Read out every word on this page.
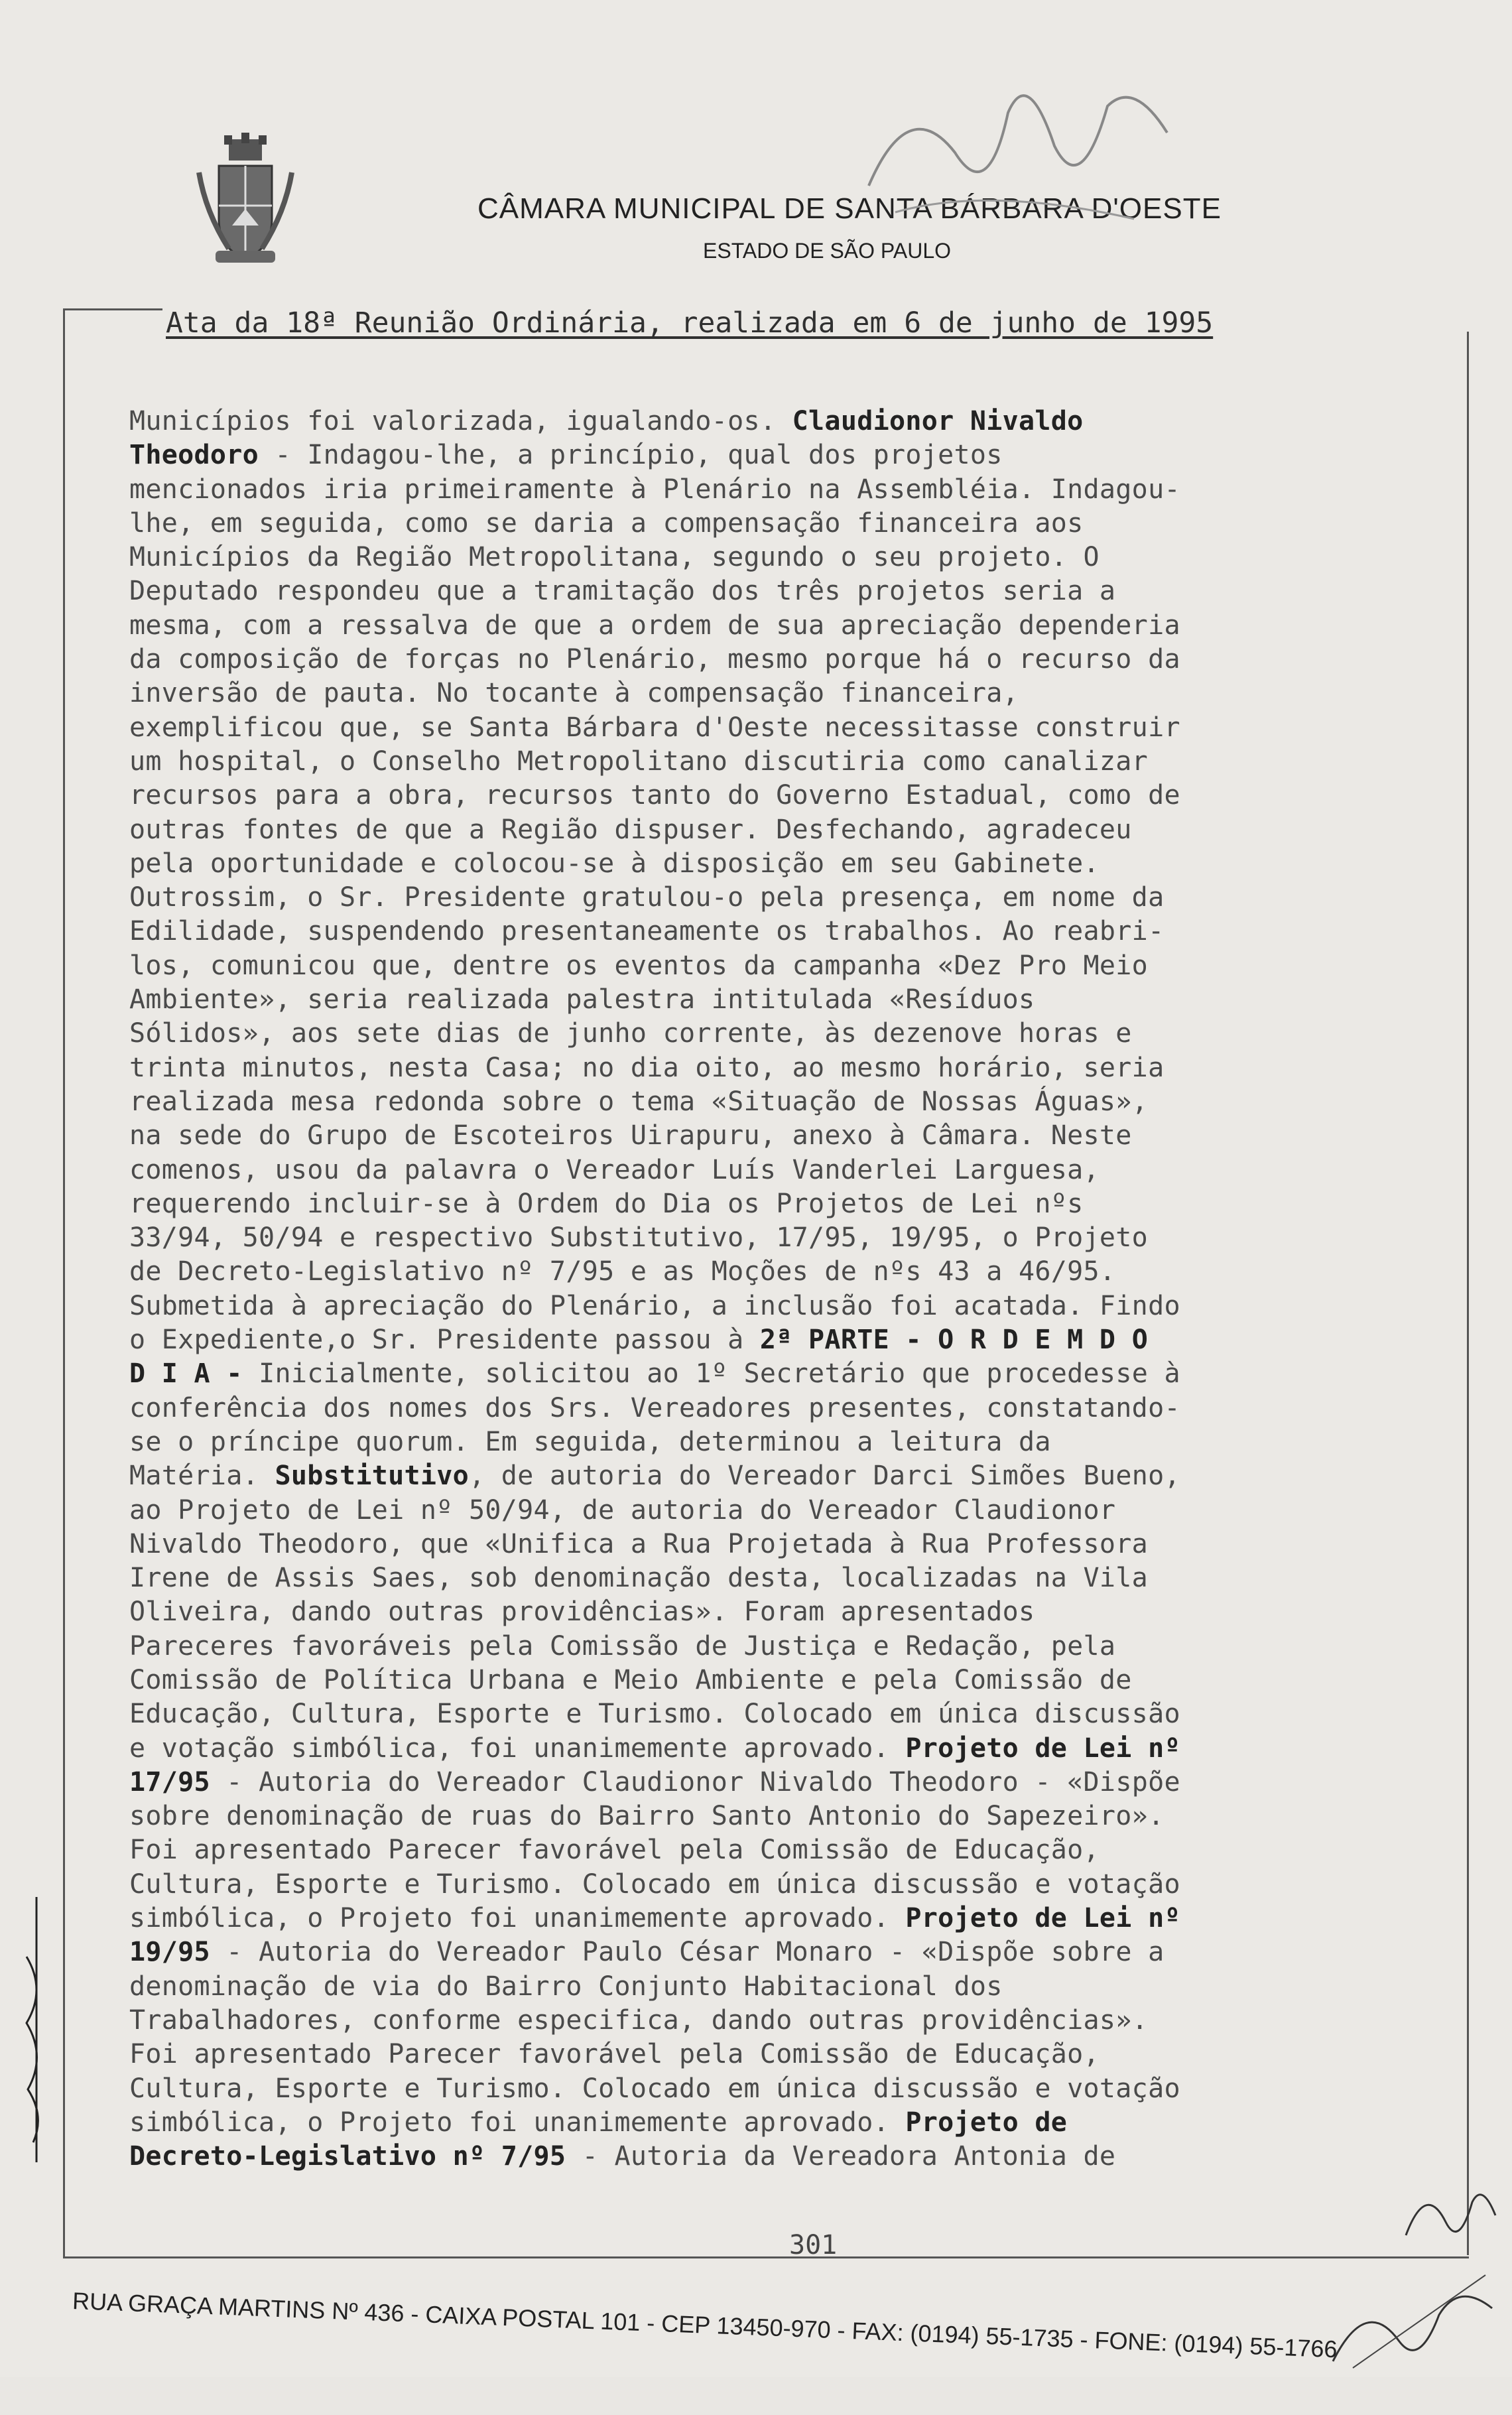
CÂMARA MUNICIPAL DE SANTA BÁRBARA D'OESTE
ESTADO DE SÃO PAULO
Ata da 18ª Reunião Ordinária, realizada em 6 de junho de 1995
Municípios foi valorizada, igualando-os. Claudionor Nivaldo
Theodoro - Indagou-lhe, a princípio, qual dos projetos
mencionados iria primeiramente à Plenário na Assembléia. Indagou-
lhe, em seguida, como se daria a compensação financeira aos
Municípios da Região Metropolitana, segundo o seu projeto. O
Deputado respondeu que a tramitação dos três projetos seria a
mesma, com a ressalva de que a ordem de sua apreciação dependeria
da composição de forças no Plenário, mesmo porque há o recurso da
inversão de pauta. No tocante à compensação financeira,
exemplificou que, se Santa Bárbara d'Oeste necessitasse construir
um hospital, o Conselho Metropolitano discutiria como canalizar
recursos para a obra, recursos tanto do Governo Estadual, como de
outras fontes de que a Região dispuser. Desfechando, agradeceu
pela oportunidade e colocou-se à disposição em seu Gabinete.
Outrossim, o Sr. Presidente gratulou-o pela presença, em nome da
Edilidade, suspendendo presentaneamente os trabalhos. Ao reabri-
los, comunicou que, dentre os eventos da campanha «Dez Pro Meio
Ambiente», seria realizada palestra intitulada «Resíduos
Sólidos», aos sete dias de junho corrente, às dezenove horas e
trinta minutos, nesta Casa; no dia oito, ao mesmo horário, seria
realizada mesa redonda sobre o tema «Situação de Nossas Águas»,
na sede do Grupo de Escoteiros Uirapuru, anexo à Câmara. Neste
comenos, usou da palavra o Vereador Luís Vanderlei Larguesa,
requerendo incluir-se à Ordem do Dia os Projetos de Lei nºs
33/94, 50/94 e respectivo Substitutivo, 17/95, 19/95, o Projeto
de Decreto-Legislativo nº 7/95 e as Moções de nºs 43 a 46/95.
Submetida à apreciação do Plenário, a inclusão foi acatada. Findo
o Expediente,o Sr. Presidente passou à 2ª PARTE - O R D E M D O
D I A - Inicialmente, solicitou ao 1º Secretário que procedesse à
conferência dos nomes dos Srs. Vereadores presentes, constatando-
se o príncipe quorum. Em seguida, determinou a leitura da
Matéria. Substitutivo, de autoria do Vereador Darci Simões Bueno,
ao Projeto de Lei nº 50/94, de autoria do Vereador Claudionor
Nivaldo Theodoro, que «Unifica a Rua Projetada à Rua Professora
Irene de Assis Saes, sob denominação desta, localizadas na Vila
Oliveira, dando outras providências». Foram apresentados
Pareceres favoráveis pela Comissão de Justiça e Redação, pela
Comissão de Política Urbana e Meio Ambiente e pela Comissão de
Educação, Cultura, Esporte e Turismo. Colocado em única discussão
e votação simbólica, foi unanimemente aprovado. Projeto de Lei nº
17/95 - Autoria do Vereador Claudionor Nivaldo Theodoro - «Dispõe
sobre denominação de ruas do Bairro Santo Antonio do Sapezeiro».
Foi apresentado Parecer favorável pela Comissão de Educação,
Cultura, Esporte e Turismo. Colocado em única discussão e votação
simbólica, o Projeto foi unanimemente aprovado. Projeto de Lei nº
19/95 - Autoria do Vereador Paulo César Monaro - «Dispõe sobre a
denominação de via do Bairro Conjunto Habitacional dos
Trabalhadores, conforme especifica, dando outras providências».
Foi apresentado Parecer favorável pela Comissão de Educação,
Cultura, Esporte e Turismo. Colocado em única discussão e votação
simbólica, o Projeto foi unanimemente aprovado. Projeto de
Decreto-Legislativo nº 7/95 - Autoria da Vereadora Antonia de
301
RUA GRAÇA MARTINS Nº 436 - CAIXA POSTAL 101 - CEP 13450-970 - FAX: (0194) 55-1735 - FONE: (0194) 55-1766
